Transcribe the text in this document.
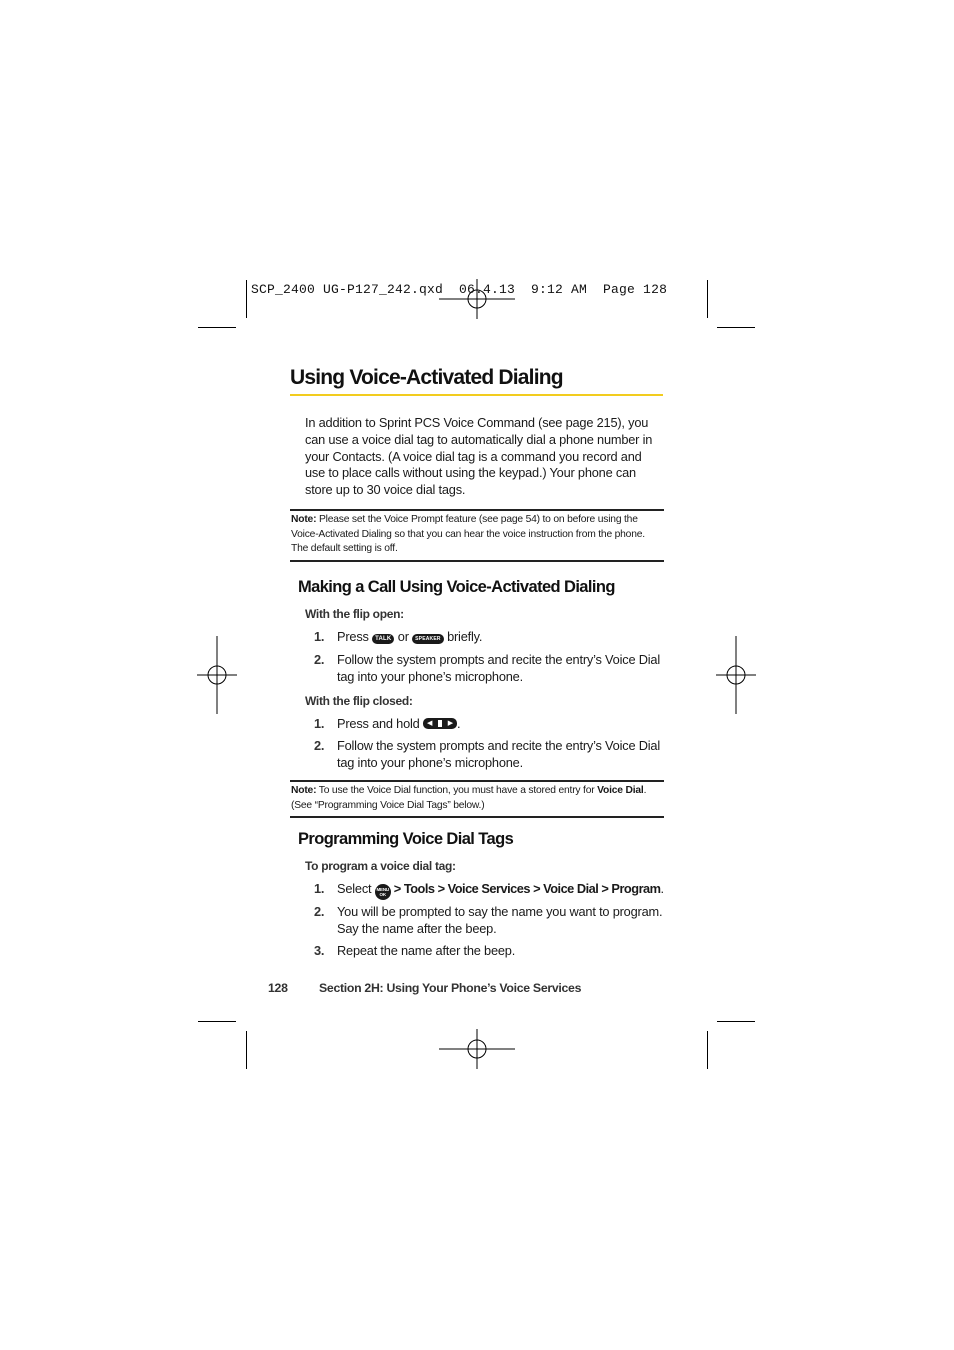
SCP_2400 UG-P127_242.qxd  06.4.13  9:12 AM  Page 128
Using Voice-Activated Dialing
In addition to Sprint PCS Voice Command (see page 215), you can use a voice dial tag to automatically dial a phone number in your Contacts. (A voice dial tag is a command you record and use to place calls without using the keypad.) Your phone can store up to 30 voice dial tags.
Note: Please set the Voice Prompt feature (see page 54) to on before using the Voice-Activated Dialing so that you can hear the voice instruction from the phone. The default setting is off.
Making a Call Using Voice-Activated Dialing
With the flip open:
1. Press TALK or SPEAKER briefly.
2. Follow the system prompts and recite the entry’s Voice Dial tag into your phone’s microphone.
With the flip closed:
1. Press and hold ◀ ▶ .
2. Follow the system prompts and recite the entry’s Voice Dial tag into your phone’s microphone.
Note: To use the Voice Dial function, you must have a stored entry for Voice Dial. (See “Programming Voice Dial Tags” below.)
Programming Voice Dial Tags
To program a voice dial tag:
1. Select MENU
OK > Tools > Voice Services > Voice Dial > Program.
2. You will be prompted to say the name you want to program. Say the name after the beep.
3. Repeat the name after the beep.
128	Section 2H: Using Your Phone’s Voice Services
